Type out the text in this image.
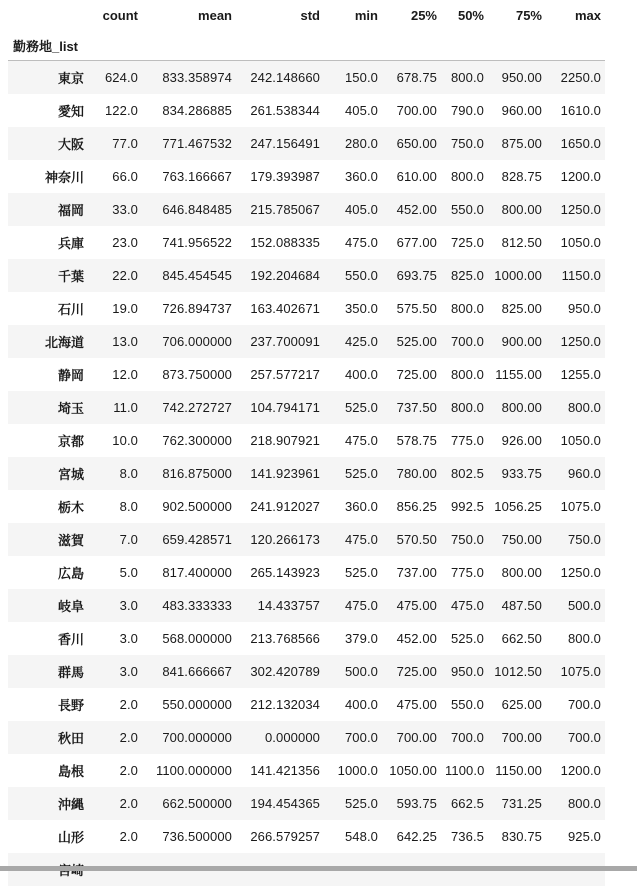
	count	mean	std	min	25%	50%	75%	max
勤務地_list								
東京	624.0	833.358974	242.148660	150.0	678.75	800.0	950.00	2250.0
愛知	122.0	834.286885	261.538344	405.0	700.00	790.0	960.00	1610.0
大阪	77.0	771.467532	247.156491	280.0	650.00	750.0	875.00	1650.0
神奈川	66.0	763.166667	179.393987	360.0	610.00	800.0	828.75	1200.0
福岡	33.0	646.848485	215.785067	405.0	452.00	550.0	800.00	1250.0
兵庫	23.0	741.956522	152.088335	475.0	677.00	725.0	812.50	1050.0
千葉	22.0	845.454545	192.204684	550.0	693.75	825.0	1000.00	1150.0
石川	19.0	726.894737	163.402671	350.0	575.50	800.0	825.00	950.0
北海道	13.0	706.000000	237.700091	425.0	525.00	700.0	900.00	1250.0
静岡	12.0	873.750000	257.577217	400.0	725.00	800.0	1155.00	1255.0
埼玉	11.0	742.272727	104.794171	525.0	737.50	800.0	800.00	800.0
京都	10.0	762.300000	218.907921	475.0	578.75	775.0	926.00	1050.0
宮城	8.0	816.875000	141.923961	525.0	780.00	802.5	933.75	960.0
栃木	8.0	902.500000	241.912027	360.0	856.25	992.5	1056.25	1075.0
滋賀	7.0	659.428571	120.266173	475.0	570.50	750.0	750.00	750.0
広島	5.0	817.400000	265.143923	525.0	737.00	775.0	800.00	1250.0
岐阜	3.0	483.333333	14.433757	475.0	475.00	475.0	487.50	500.0
香川	3.0	568.000000	213.768566	379.0	452.00	525.0	662.50	800.0
群馬	3.0	841.666667	302.420789	500.0	725.00	950.0	1012.50	1075.0
長野	2.0	550.000000	212.132034	400.0	475.00	550.0	625.00	700.0
秋田	2.0	700.000000	0.000000	700.0	700.00	700.0	700.00	700.0
島根	2.0	1100.000000	141.421356	1000.0	1050.00	1100.0	1150.00	1200.0
沖縄	2.0	662.500000	194.454365	525.0	593.75	662.5	731.25	800.0
山形	2.0	736.500000	266.579257	548.0	642.25	736.5	830.75	925.0
